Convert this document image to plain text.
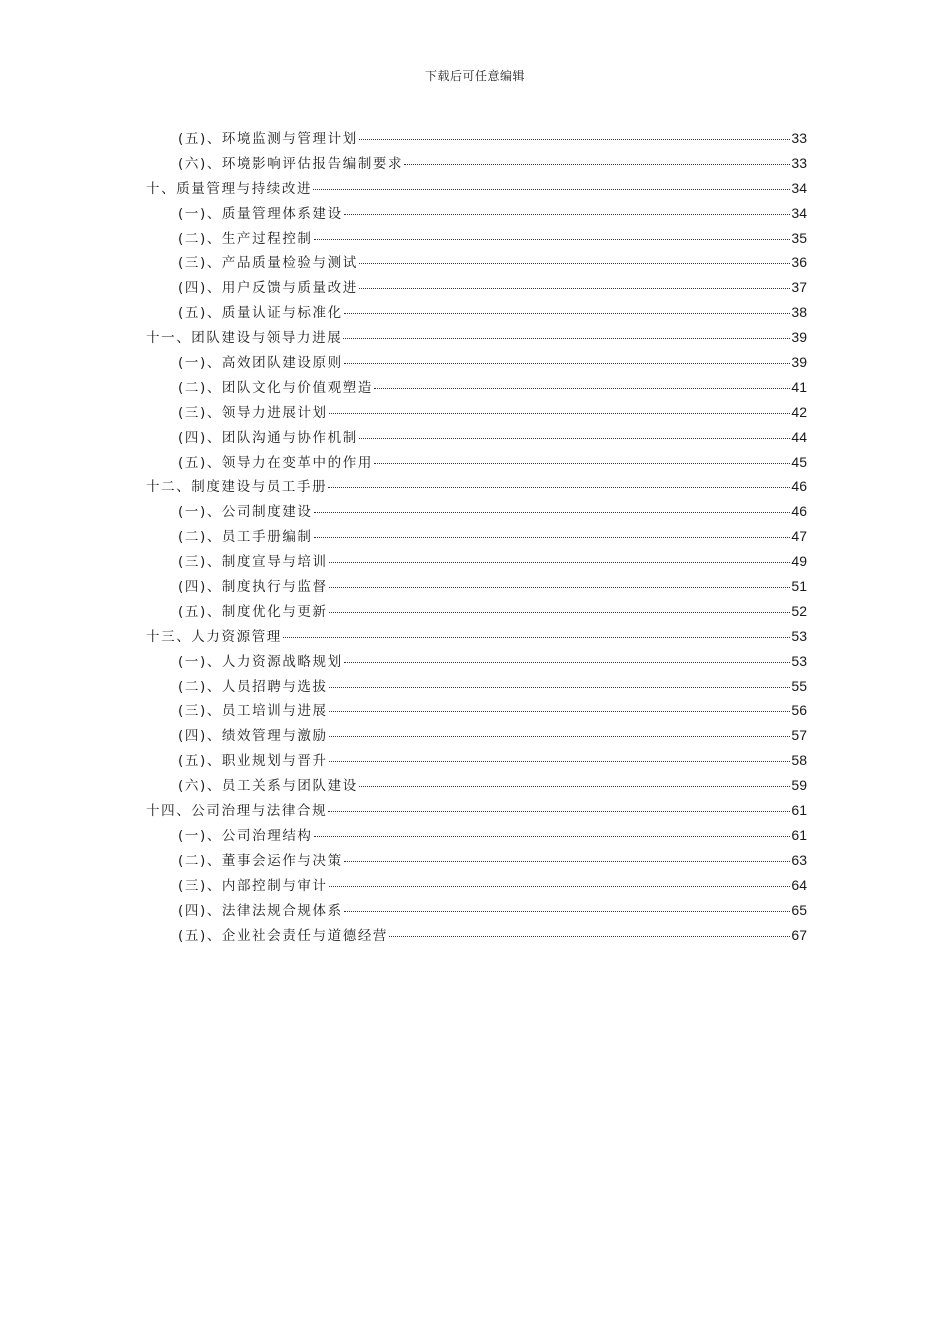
下载后可任意编辑
(五)、环境监测与管理计划	33
(六)、环境影响评估报告编制要求	33
十、质量管理与持续改进	34
(一)、质量管理体系建设	34
(二)、生产过程控制	35
(三)、产品质量检验与测试	36
(四)、用户反馈与质量改进	37
(五)、质量认证与标准化	38
十一、团队建设与领导力进展	39
(一)、高效团队建设原则	39
(二)、团队文化与价值观塑造	41
(三)、领导力进展计划	42
(四)、团队沟通与协作机制	44
(五)、领导力在变革中的作用	45
十二、制度建设与员工手册	46
(一)、公司制度建设	46
(二)、员工手册编制	47
(三)、制度宣导与培训	49
(四)、制度执行与监督	51
(五)、制度优化与更新	52
十三、人力资源管理	53
(一)、人力资源战略规划	53
(二)、人员招聘与选拔	55
(三)、员工培训与进展	56
(四)、绩效管理与激励	57
(五)、职业规划与晋升	58
(六)、员工关系与团队建设	59
十四、公司治理与法律合规	61
(一)、公司治理结构	61
(二)、董事会运作与决策	63
(三)、内部控制与审计	64
(四)、法律法规合规体系	65
(五)、企业社会责任与道德经营	67
